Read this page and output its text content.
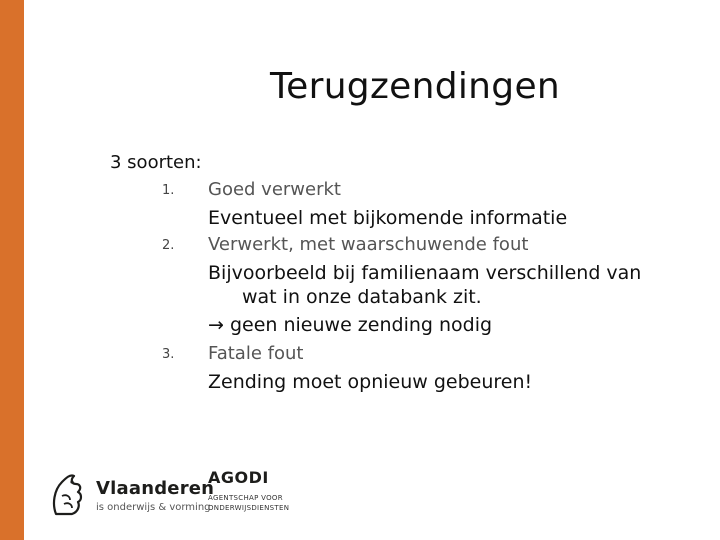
Terugzendingen

3 soorten:

1. Goed verwerkt
Eventueel met bijkomende informatie
2. Verwerkt, met waarschuwende fout
Bijvoorbeeld bij familienaam verschillend van
wat in onze databank zit.
→ geen nieuwe zending nodig
3. Fatale fout
Zending moet opnieuw gebeuren!
Vlaanderen
is onderwijs & vorming
AGODI
AGENTSCHAP VOOR
ONDERWIJSDIENSTEN
